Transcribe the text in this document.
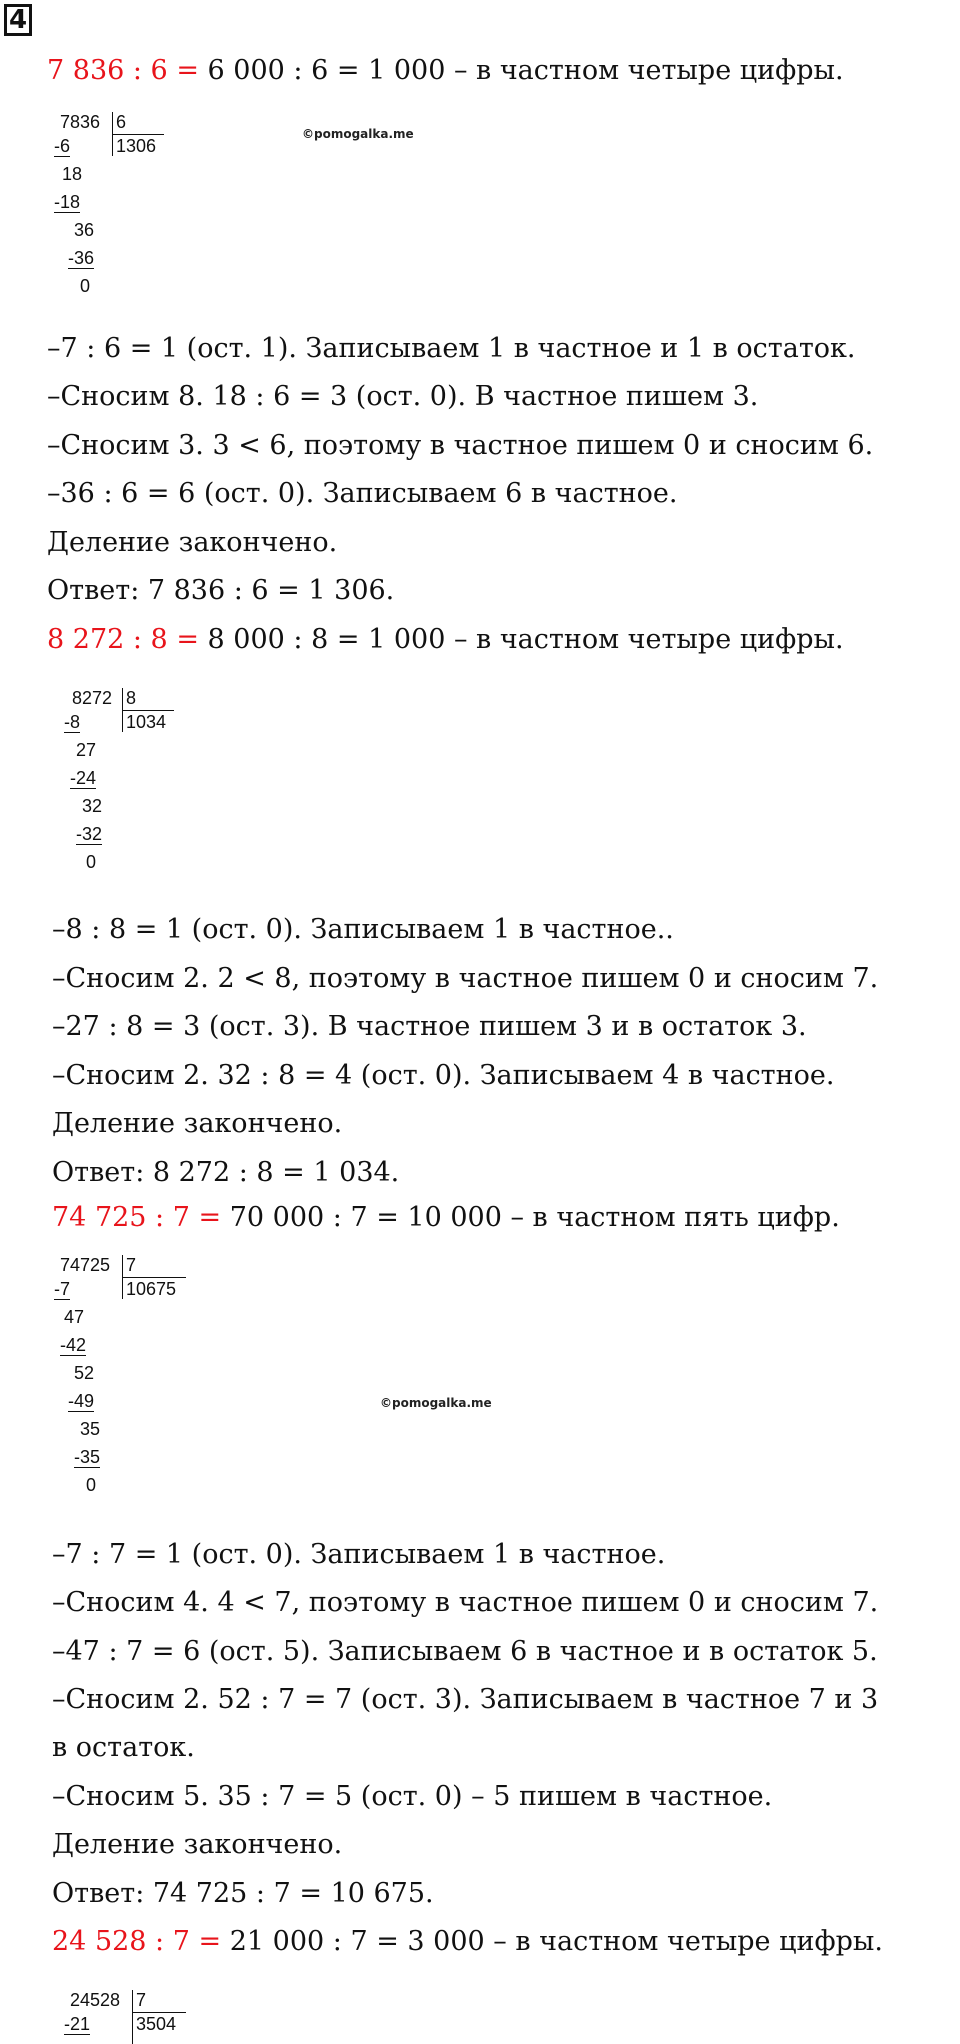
4
7 836 : 6 = 6 000 : 6 = 1 000 – в частном четыре цифры.
7836 6
1306
-6
18
-18
36
-36
0
©pomogalka.me
–7 : 6 = 1 (ост. 1). Записываем 1 в частное и 1 в остаток.
–Сносим 8. 18 : 6 = 3 (ост. 0). В частное пишем 3.
–Сносим 3. 3 < 6, поэтому в частное пишем 0 и сносим 6.
–36 : 6 = 6 (ост. 0). Записываем 6 в частное.
Деление закончено.
Ответ: 7 836 : 6 = 1 306.
8 272 : 8 = 8 000 : 8 = 1 000 – в частном четыре цифры.
8272 8
1034
-8
27
-24
32
-32
0
–8 : 8 = 1 (ост. 0). Записываем 1 в частное..
–Сносим 2. 2 < 8, поэтому в частное пишем 0 и сносим 7.
–27 : 8 = 3 (ост. 3). В частное пишем 3 и в остаток 3.
–Сносим 2. 32 : 8 = 4 (ост. 0). Записываем 4 в частное.
Деление закончено.
Ответ: 8 272 : 8 = 1 034.
74 725 : 7 = 70 000 : 7 = 10 000 – в частном пять цифр.
74725 7
10675
-7
47
-42
52
-49
35
-35
0
©pomogalka.me
–7 : 7 = 1 (ост. 0). Записываем 1 в частное.
–Сносим 4. 4 < 7, поэтому в частное пишем 0 и сносим 7.
–47 : 7 = 6 (ост. 5). Записываем 6 в частное и в остаток 5.
–Сносим 2. 52 : 7 = 7 (ост. 3). Записываем в частное 7 и 3
в остаток.
–Сносим 5. 35 : 7 = 5 (ост. 0) – 5 пишем в частное.
Деление закончено.
Ответ: 74 725 : 7 = 10 675.
24 528 : 7 = 21 000 : 7 = 3 000 – в частном четыре цифры.
24528 7
3504
-21
